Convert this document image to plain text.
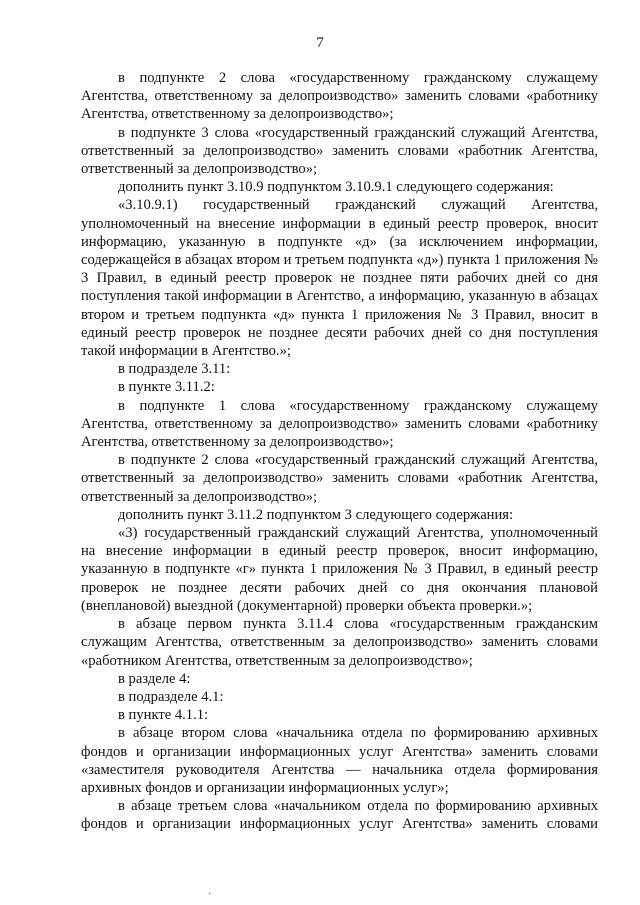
7

в подпункте 2 слова «государственному гражданскому служащему Агентства, ответственному за делопроизводство» заменить словами «работнику Агентства, ответственному за делопроизводство»;

в подпункте 3 слова «государственный гражданский служащий Агентства, ответственный за делопроизводство» заменить словами «работник Агентства, ответственный за делопроизводство»;

дополнить пункт 3.10.9 подпунктом 3.10.9.1 следующего содержания:

«3.10.9.1) государственный гражданский служащий Агентства, уполномоченный на внесение информации в единый реестр проверок, вносит информацию, указанную в подпункте «д» (за исключением информации, содержащейся в абзацах втором и третьем подпункта «д») пункта 1 приложения № 3 Правил, в единый реестр проверок не позднее пяти рабочих дней со дня поступления такой информации в Агентство, а информацию, указанную в абзацах втором и третьем подпункта «д» пункта 1 приложения № 3 Правил, вносит в единый реестр проверок не позднее десяти рабочих дней со дня поступления такой информации в Агентство.»;

в подразделе 3.11:

в пункте 3.11.2:

в подпункте 1 слова «государственному гражданскому служащему Агентства, ответственному за делопроизводство» заменить словами «работнику Агентства, ответственному за делопроизводство»;

в подпункте 2 слова «государственный гражданский служащий Агентства, ответственный за делопроизводство» заменить словами «работник Агентства, ответственный за делопроизводство»;

дополнить пункт 3.11.2 подпунктом 3 следующего содержания:

«3) государственный гражданский служащий Агентства, уполномоченный на внесение информации в единый реестр проверок, вносит информацию, указанную в подпункте «г» пункта 1 приложения № 3 Правил, в единый реестр проверок не позднее десяти рабочих дней со дня окончания плановой (внеплановой) выездной (документарной) проверки объекта проверки.»;

в абзаце первом пункта 3.11.4 слова «государственным гражданским служащим Агентства, ответственным за делопроизводство» заменить словами «работником Агентства, ответственным за делопроизводство»;

в разделе 4:

в подразделе 4.1:

в пункте 4.1.1:

в абзаце втором слова «начальника отдела по формированию архивных фондов и организации информационных услуг Агентства» заменить словами «заместителя руководителя Агентства — начальника отдела формирования архивных фондов и организации информационных услуг»;

в абзаце третьем слова «начальником отдела по формированию архивных фондов и организации информационных услуг Агентства» заменить словами

·
